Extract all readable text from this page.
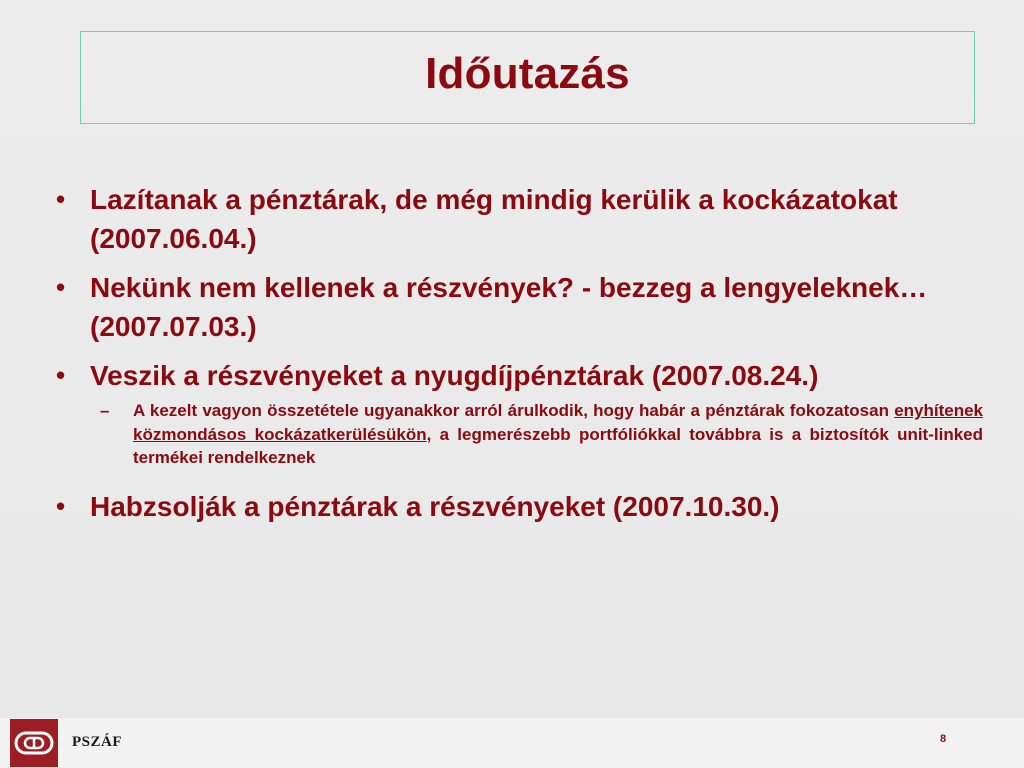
Időutazás
• Lazítanak a pénztárak, de még mindig kerülik a kockázatokat (2007.06.04.)
• Nekünk nem kellenek a részvények? - bezzeg a lengyeleknek… (2007.07.03.)
• Veszik a részvényeket a nyugdíjpénztárak (2007.08.24.)
– A kezelt vagyon összetétele ugyanakkor arról árulkodik, hogy habár a pénztárak fokozatosan enyhítenek közmondásos kockázatkerülésükön, a legmerészebb portfóliókkal továbbra is a biztosítók unit-linked termékei rendelkeznek
• Habzsolják a pénztárak a részvényeket (2007.10.30.)
PSZÁF	8
